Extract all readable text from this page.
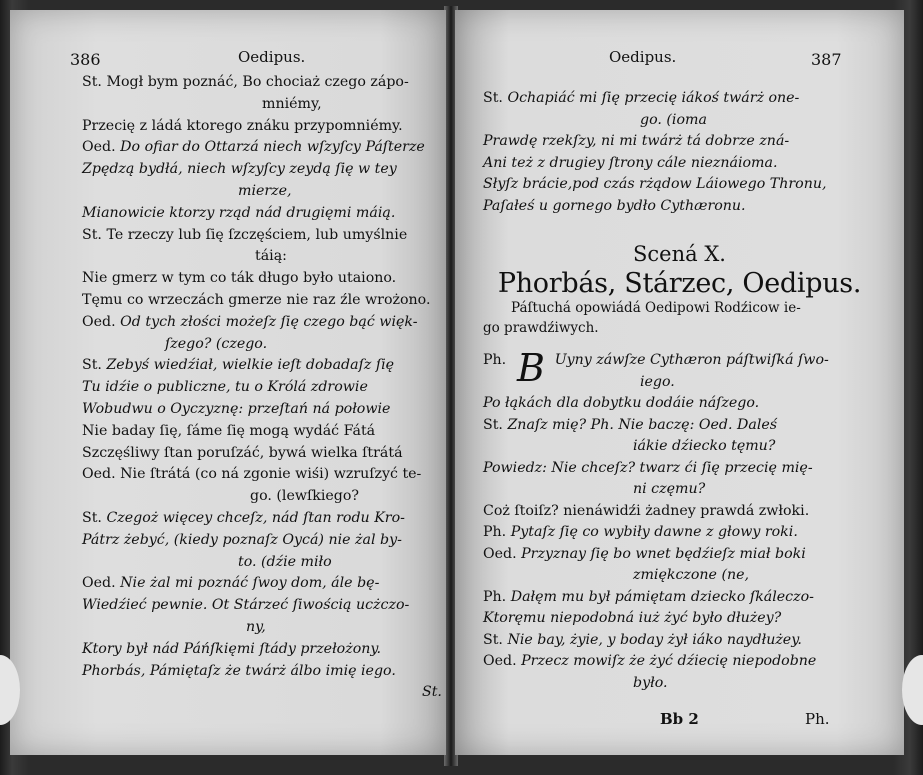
386	Oedipus.
St. Mogł bym poznáć, Bo chociaż czego zápo-
mniémy,
Przecię z ládá ktorego znáku przypomniémy.
Oed. Do ofiar do Ottarzá niech wſzyſcy Páſterze
Zpędzą bydłá, niech wſzyſcy zeydą ſię w tey
mierze,
Mianowicie ktorzy rząd nád drugięmi máią.
St. Te rzeczy lub ſię ſzczęściem, lub umyślnie
táią:
Nie gmerz w tym co ták długo było utaiono.
Tęmu co wrzeczách gmerze nie raz źle wrożono.
Oed. Od tych złości możeſz ſię czego bąć więk-
ſzego? (czego.
St. Zebyś wiedźiał, wielkie ieſt dobadaſz ſię
Tu idźie o publiczne, tu o Królá zdrowie
Wobudwu o Oyczyznę: przeſtań ná połowie
Nie baday ſię, ſáme ſię mogą wydáć Fátá
Szczęśliwy ſtan poruſzáć, bywá wielka ſtrátá
Oed. Nie ſtrátá (co ná zgonie wiśi) wzruſzyć te-
go. (lewſkiego?
St. Czegoż więcey chceſz, nád ſtan rodu Kro-
Pátrz żebyć, (kiedy poznaſz Oycá) nie żal by-
to. (dźie miło
Oed. Nie żal mi poznáć ſwoy dom, ále bę-
Wiedźieć pewnie. Ot Stárzeć ſiwością ucżczo-
ny,
Ktory był nád Páńſkięmi ſtády przełożony.
Phorbás, Pámiętaſz że twárż álbo imię iego.
St.
Oedipus.	387
St. Ochapiáć mi ſię przecię iákoś twárż one-
go. (ioma
Prawdę rzekſzy, ni mi twárż tá dobrze zná-
Ani też z drugiey ſtrony cále nieznáioma.
Słyſz brácie,pod czás rżądow Láiowego Thronu,
Paſałeś u gornego bydło Cythæronu.
Scená X.
Phorbás, Stárzec, Oedipus.
Páſtuchá opowiádá Oedipowi Rodźicow ie-
go prawdźiwych.
B
Ph.	Uyny záwſze Cythæron páſtwiſká ſwo-
iego.
Po łąkách dla dobytku dodáie náſzego.
St. Znaſz mię? Ph. Nie baczę: Oed. Daleś
iákie dźiecko tęmu?
Powiedz: Nie chceſz? twarz ći ſię przecię mię-
ni częmu?
Coż ſtoiſz? nienáwidźi żadney prawdá zwłoki.
Ph. Pytaſz ſię co wybiły dawne z głowy roki.
Oed. Przyznay ſię bo wnet będźieſz miał boki
zmiękczone (ne,
Ph. Dałęm mu był pámiętam dziecko ſkáleczo-
Ktoręmu niepodobná iuż żyć było dłużey?
St. Nie bay, żyie, y boday żył iáko naydłużey.
Oed. Przecz mowiſz że żyć dźiecię niepodobne
było.
Bb 2	Ph.
